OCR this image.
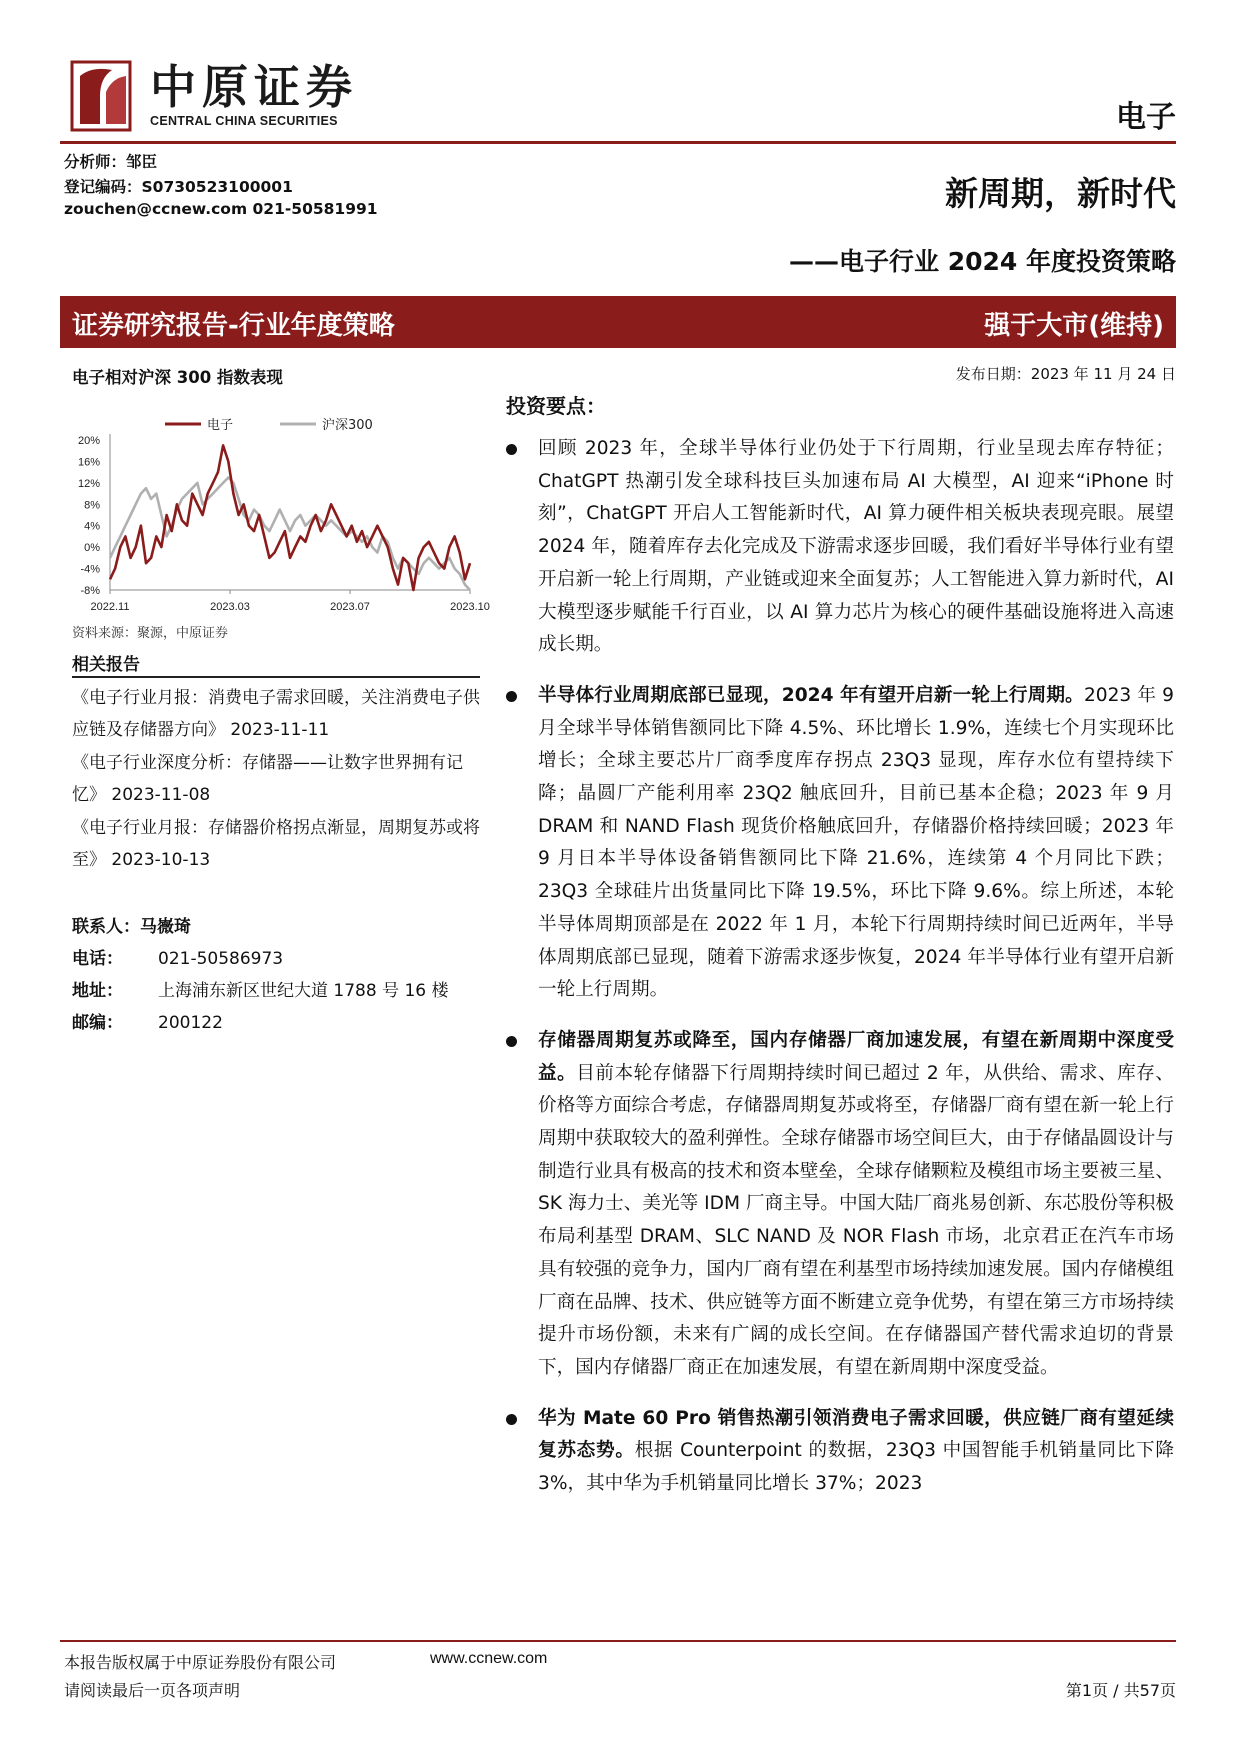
中原证券
CENTRAL CHINA SECURITIES	电子
分析师：邹臣
登记编码：S0730523100001
zouchen@ccnew.com 021-50581991	新周期，新时代
——电子行业 2024 年度投资策略
证券研究报告-行业年度策略	强于大市(维持)
电子相对沪深 300 指数表现	发布日期：2023 年 11 月 24 日
电子	沪深300
20%
16%
12%
8%
4%
0%
-4%
-8%
2022.11	2023.03	2023.07	2023.10
资料来源：聚源，中原证券
相关报告
《电子行业月报：消费电子需求回暖，关注消费电子供应链及存储器方向》 2023-11-11
《电子行业深度分析：存储器——让数字世界拥有记忆》 2023-11-08
《电子行业月报：存储器价格拐点渐显，周期复苏或将至》 2023-10-13
联系人：马嶶琦
电话： 021-50586973
地址： 上海浦东新区世纪大道 1788 号 16 楼
邮编： 200122
投资要点：
回顾 2023 年，全球半导体行业仍处于下行周期，行业呈现去库存特征；ChatGPT 热潮引发全球科技巨头加速布局 AI 大模型，AI 迎来“iPhone 时刻”，ChatGPT 开启人工智能新时代，AI 算力硬件相关板块表现亮眼。展望 2024 年，随着库存去化完成及下游需求逐步回暖，我们看好半导体行业有望开启新一轮上行周期，产业链或迎来全面复苏；人工智能进入算力新时代，AI 大模型逐步赋能千行百业，以 AI 算力芯片为核心的硬件基础设施将进入高速成长期。
半导体行业周期底部已显现，2024 年有望开启新一轮上行周期。2023 年 9 月全球半导体销售额同比下降 4.5%、环比增长 1.9%，连续七个月实现环比增长；全球主要芯片厂商季度库存拐点 23Q3 显现，库存水位有望持续下降；晶圆厂产能利用率 23Q2 触底回升，目前已基本企稳；2023 年 9 月 DRAM 和 NAND Flash 现货价格触底回升，存储器价格持续回暖；2023 年 9 月日本半导体设备销售额同比下降 21.6%，连续第 4 个月同比下跌；23Q3 全球硅片出货量同比下降 19.5%，环比下降 9.6%。综上所述，本轮半导体周期顶部是在 2022 年 1 月，本轮下行周期持续时间已近两年，半导体周期底部已显现，随着下游需求逐步恢复，2024 年半导体行业有望开启新一轮上行周期。
存储器周期复苏或降至，国内存储器厂商加速发展，有望在新周期中深度受益。目前本轮存储器下行周期持续时间已超过 2 年，从供给、需求、库存、价格等方面综合考虑，存储器周期复苏或将至，存储器厂商有望在新一轮上行周期中获取较大的盈利弹性。全球存储器市场空间巨大，由于存储晶圆设计与制造行业具有极高的技术和资本壁垒，全球存储颗粒及模组市场主要被三星、SK 海力士、美光等 IDM 厂商主导。中国大陆厂商兆易创新、东芯股份等积极布局利基型 DRAM、SLC NAND 及 NOR Flash 市场，北京君正在汽车市场具有较强的竞争力，国内厂商有望在利基型市场持续加速发展。国内存储模组厂商在品牌、技术、供应链等方面不断建立竞争优势，有望在第三方市场持续提升市场份额，未来有广阔的成长空间。在存储器国产替代需求迫切的背景下，国内存储器厂商正在加速发展，有望在新周期中深度受益。
华为 Mate 60 Pro 销售热潮引领消费电子需求回暖，供应链厂商有望延续复苏态势。根据 Counterpoint 的数据，23Q3 中国智能手机销量同比下降 3%，其中华为手机销量同比增长 37%；2023
本报告版权属于中原证券股份有限公司	www.ccnew.com
请阅读最后一页各项声明	第1页 / 共57页
